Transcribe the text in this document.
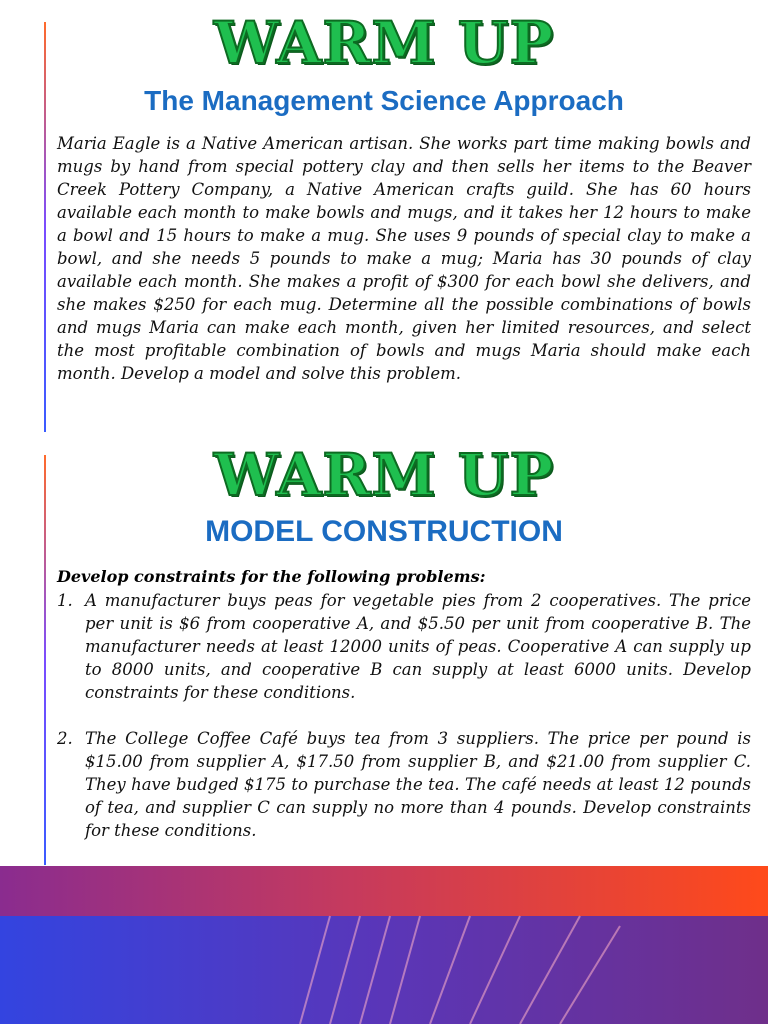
WARM UP
The Management Science Approach

Maria Eagle is a Native American artisan. She works part time making bowls and mugs by hand from special pottery clay and then sells her items to the Beaver Creek Pottery Company, a Native American crafts guild. She has 60 hours available each month to make bowls and mugs, and it takes her 12 hours to make a bowl and 15 hours to make a mug. She uses 9 pounds of special clay to make a bowl, and she needs 5 pounds to make a mug; Maria has 30 pounds of clay available each month. She makes a profit of $300 for each bowl she delivers, and she makes $250 for each mug. Determine all the possible combinations of bowls and mugs Maria can make each month, given her limited resources, and select the most profitable combination of bowls and mugs Maria should make each month. Develop a model and solve this problem.

WARM UP
MODEL CONSTRUCTION
Develop constraints for the following problems:
1. A manufacturer buys peas for vegetable pies from 2 cooperatives. The price per unit is $6 from cooperative A, and $5.50 per unit from cooperative B. The manufacturer needs at least 12000 units of peas. Cooperative A can supply up to 8000 units, and cooperative B can supply at least 6000 units. Develop constraints for these conditions.
2. The College Coffee Café buys tea from 3 suppliers. The price per pound is $15.00 from supplier A, $17.50 from supplier B, and $21.00 from supplier C. They have budged $175 to purchase the tea. The café needs at least 12 pounds of tea, and supplier C can supply no more than 4 pounds. Develop constraints for these conditions.
